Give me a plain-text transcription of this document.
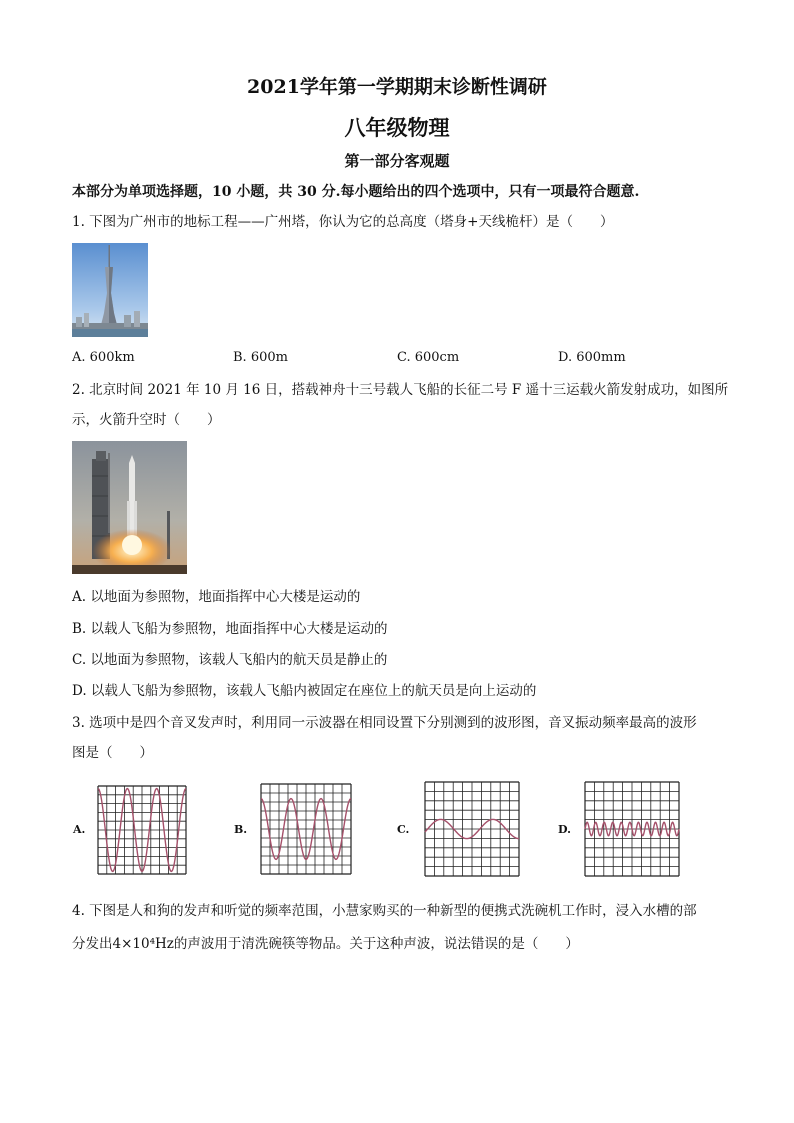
2021学年第一学期期末诊断性调研
八年级物理
第一部分客观题
本部分为单项选择题，10 小题，共 30 分.每小题给出的四个选项中，只有一项最符合题意.
1. 下图为广州市的地标工程——广州塔，你认为它的总高度（塔身+天线桅杆）是（　　）
A. 600km	B. 600m	C. 600cm	D. 600mm
2. 北京时间 2021 年 10 月 16 日，搭载神舟十三号载人飞船的长征二号 F 遥十三运载火箭发射成功，如图所
示，火箭升空时（　　）
A. 以地面为参照物，地面指挥中心大楼是运动的
B. 以载人飞船为参照物，地面指挥中心大楼是运动的
C. 以地面为参照物，该载人飞船内的航天员是静止的
D. 以载人飞船为参照物，该载人飞船内被固定在座位上的航天员是向上运动的
3. 选项中是四个音叉发声时，利用同一示波器在相同设置下分别测到的波形图，音叉振动频率最高的波形
图是（　　）
A.	B.	C.	D.
4. 下图是人和狗的发声和听觉的频率范围，小慧家购买的一种新型的便携式洗碗机工作时，浸入水槽的部
分发出4×10⁴Hz的声波用于清洗碗筷等物品。关于这种声波，说法错误的是（　　）
